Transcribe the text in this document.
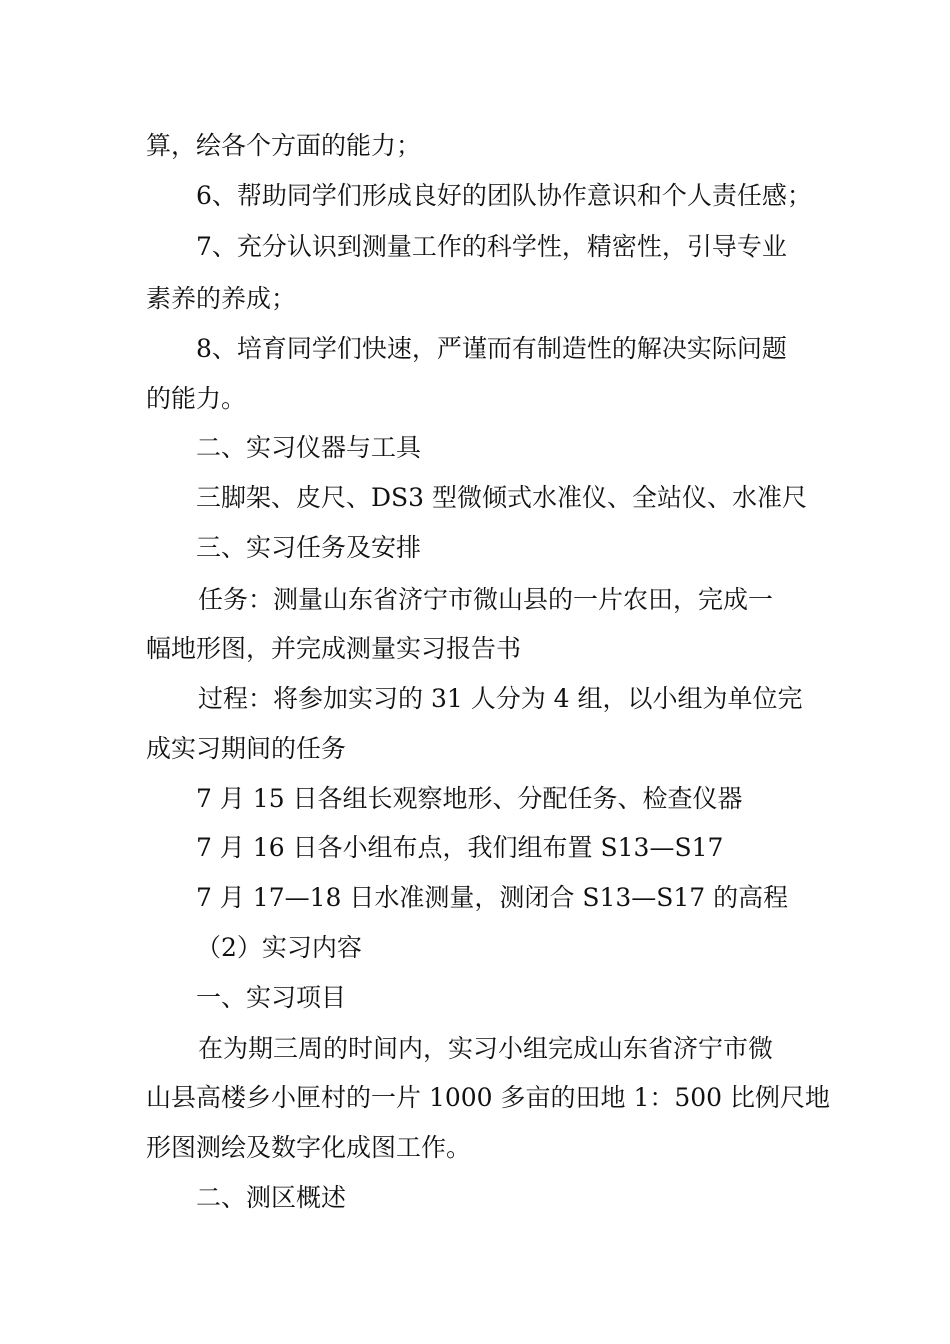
算，绘各个方面的能力；
6、帮助同学们形成良好的团队协作意识和个人责任感；
7、充分认识到测量工作的科学性，精密性，引导专业
素养的养成；
8、培育同学们快速，严谨而有制造性的解决实际问题
的能力。
二、实习仪器与工具
三脚架、皮尺、DS3 型微倾式水准仪、全站仪、水准尺
三、实习任务及安排
任务：测量山东省济宁市微山县的一片农田，完成一
幅地形图，并完成测量实习报告书
过程：将参加实习的 31 人分为 4 组，以小组为单位完
成实习期间的任务
7 月 15 日各组长观察地形、分配任务、检查仪器
7 月 16 日各小组布点，我们组布置 S13—S17
7 月 17—18 日水准测量，测闭合 S13—S17 的高程
（2）实习内容
一、实习项目
在为期三周的时间内，实习小组完成山东省济宁市微
山县高楼乡小匣村的一片 1000 多亩的田地 1：500 比例尺地
形图测绘及数字化成图工作。
二、测区概述
